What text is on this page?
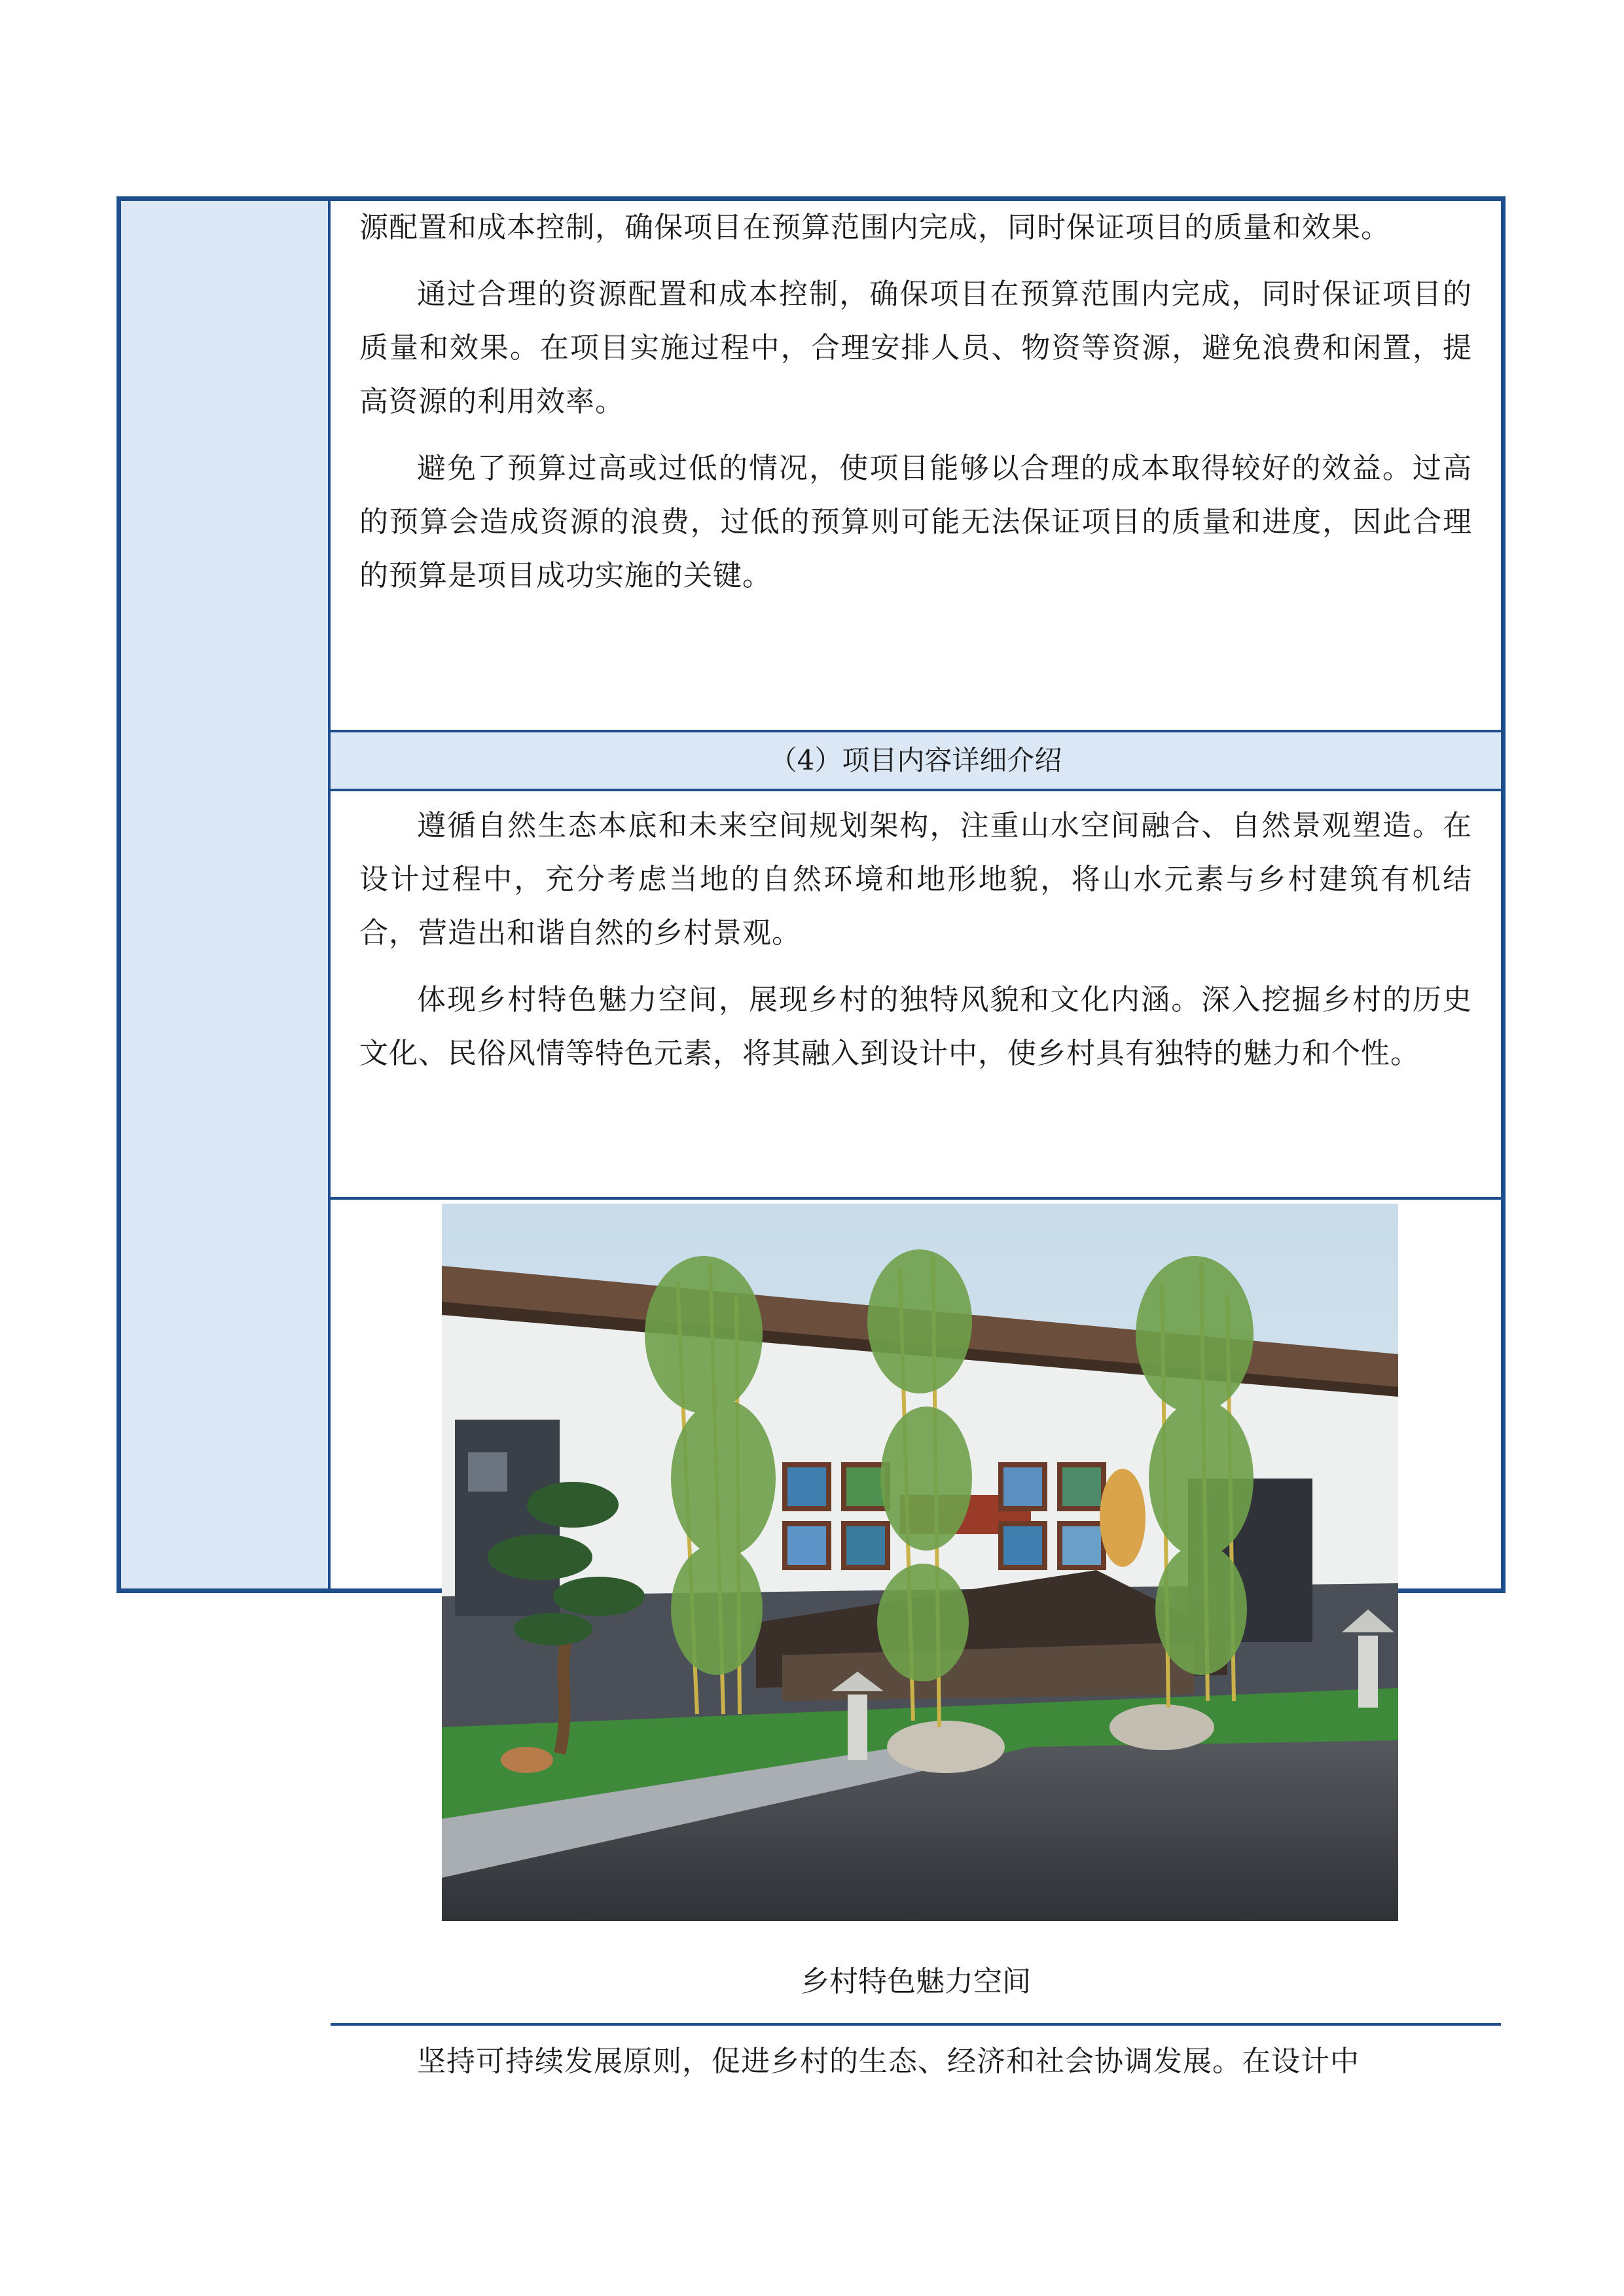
源配置和成本控制，确保项目在预算范围内完成，同时保证项目的质量和效果。

通过合理的资源配置和成本控制，确保项目在预算范围内完成，同时保证项目的质量和效果。在项目实施过程中，合理安排人员、物资等资源，避免浪费和闲置，提高资源的利用效率。

避免了预算过高或过低的情况，使项目能够以合理的成本取得较好的效益。过高的预算会造成资源的浪费，过低的预算则可能无法保证项目的质量和进度，因此合理的预算是项目成功实施的关键。

（4）项目内容详细介绍

遵循自然生态本底和未来空间规划架构，注重山水空间融合、自然景观塑造。在设计过程中，充分考虑当地的自然环境和地形地貌，将山水元素与乡村建筑有机结合，营造出和谐自然的乡村景观。

体现乡村特色魅力空间，展现乡村的独特风貌和文化内涵。深入挖掘乡村的历史文化、民俗风情等特色元素，将其融入到设计中，使乡村具有独特的魅力和个性。

乡村特色魅力空间

坚持可持续发展原则，促进乡村的生态、经济和社会协调发展。在设计中
